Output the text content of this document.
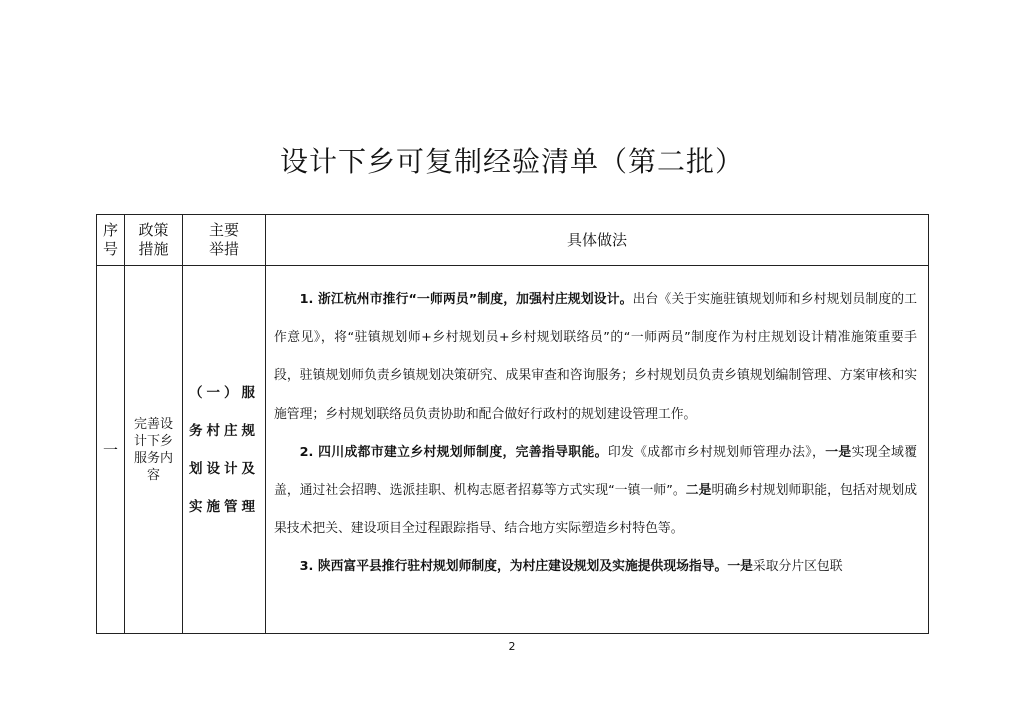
设计下乡可复制经验清单（第二批）
序
号
政策
措施
主要
举措
具体做法
一
完善设
计下乡
服务内
容
（一）服
务村庄规
划设计及
实施管理

1. 浙江杭州市推行“一师两员”制度，加强村庄规划设计。出台《关于实施驻镇规划师和乡村规划员制度的工作意见》，将“驻镇规划师+乡村规划员+乡村规划联络员”的“一师两员”制度作为村庄规划设计精准施策重要手段，驻镇规划师负责乡镇规划决策研究、成果审查和咨询服务；乡村规划员负责乡镇规划编制管理、方案审核和实施管理；乡村规划联络员负责协助和配合做好行政村的规划建设管理工作。

2. 四川成都市建立乡村规划师制度，完善指导职能。印发《成都市乡村规划师管理办法》，一是实现全域覆盖，通过社会招聘、选派挂职、机构志愿者招募等方式实现“一镇一师”。二是明确乡村规划师职能，包括对规划成果技术把关、建设项目全过程跟踪指导、结合地方实际塑造乡村特色等。

3. 陕西富平县推行驻村规划师制度，为村庄建设规划及实施提供现场指导。一是采取分片区包联

2
